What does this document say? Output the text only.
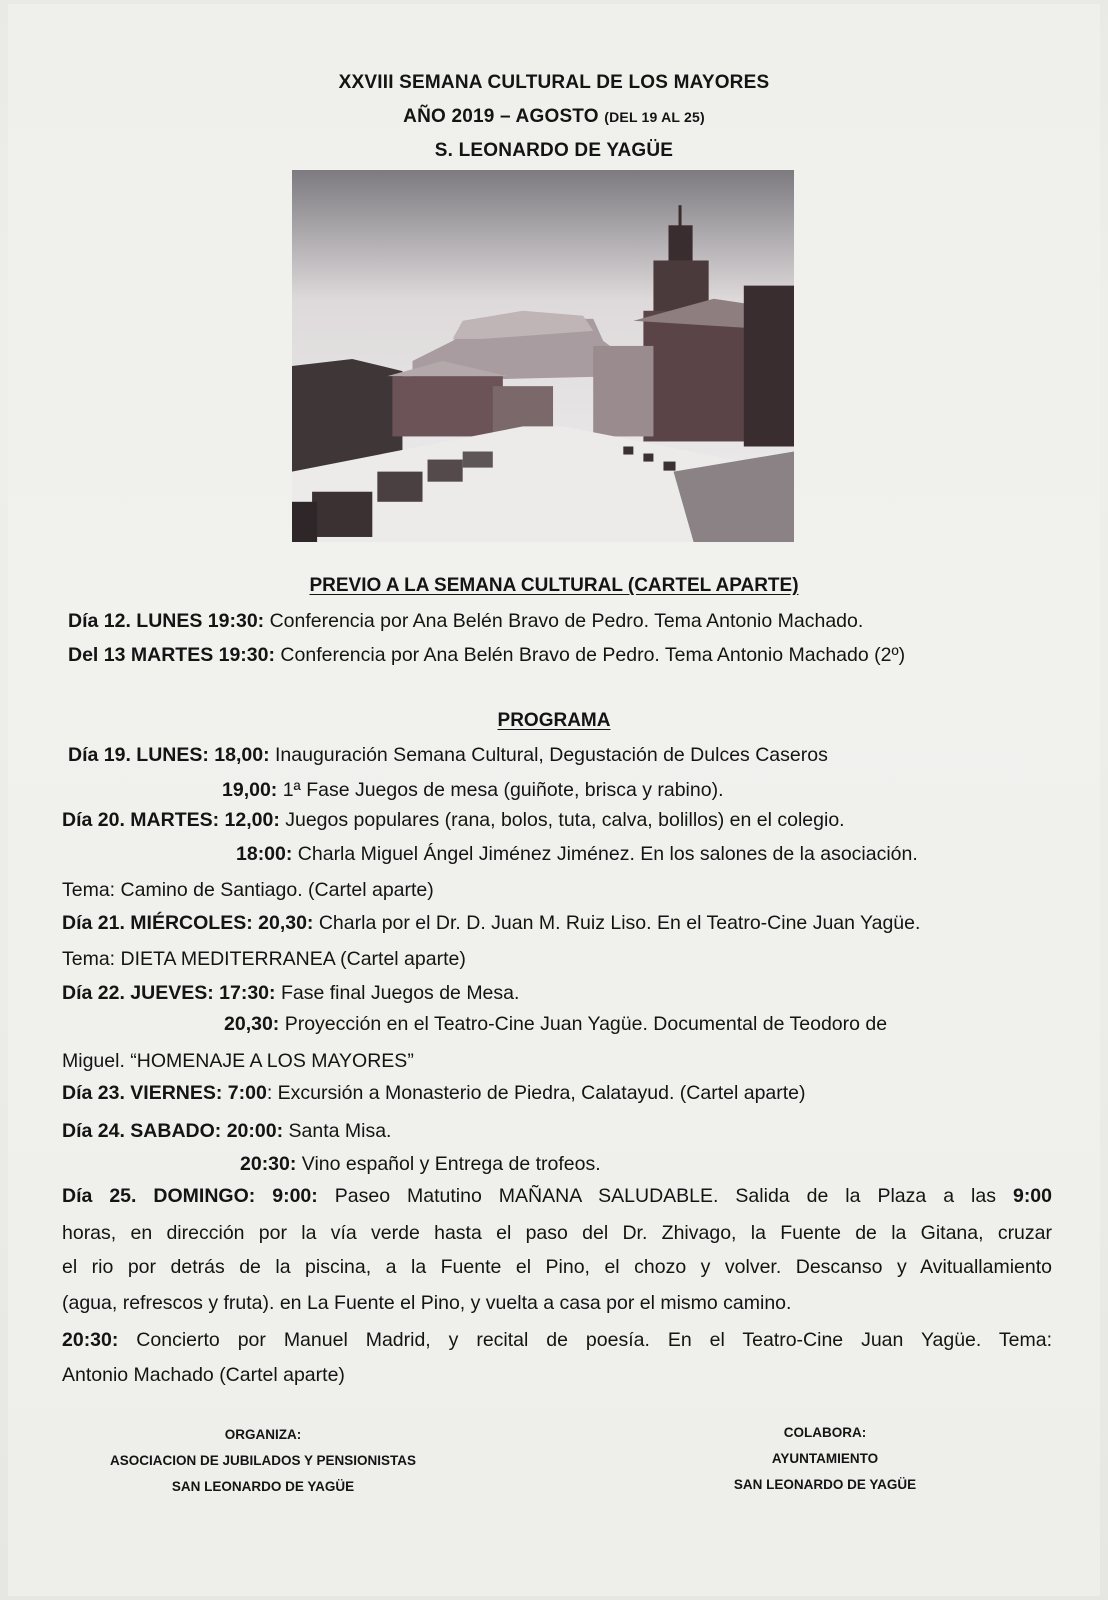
XXVIII SEMANA CULTURAL DE LOS MAYORES
AÑO 2019 – AGOSTO (DEL 19 AL 25)
S. LEONARDO DE YAGÜE
PREVIO A LA SEMANA CULTURAL (CARTEL APARTE)
Día 12. LUNES 19:30: Conferencia por Ana Belén Bravo de Pedro. Tema Antonio Machado.
Del 13 MARTES 19:30: Conferencia por Ana Belén Bravo de Pedro. Tema Antonio Machado (2º)
PROGRAMA
Día 19. LUNES: 18,00: Inauguración Semana Cultural, Degustación de Dulces Caseros
19,00: 1ª Fase Juegos de mesa (guiñote, brisca y rabino).
Día 20. MARTES: 12,00: Juegos populares (rana, bolos, tuta, calva, bolillos) en el colegio.
18:00: Charla Miguel Ángel Jiménez Jiménez. En los salones de la asociación.
Tema: Camino de Santiago. (Cartel aparte)
Día 21. MIÉRCOLES: 20,30: Charla por el Dr. D. Juan M. Ruiz Liso. En el Teatro-Cine Juan Yagüe.
Tema: DIETA MEDITERRANEA (Cartel aparte)
Día 22. JUEVES: 17:30: Fase final Juegos de Mesa.
20,30: Proyección en el Teatro-Cine Juan Yagüe. Documental de Teodoro de
Miguel. “HOMENAJE A LOS MAYORES”
Día 23. VIERNES: 7:00: Excursión a Monasterio de Piedra, Calatayud. (Cartel aparte)
Día 24. SABADO: 20:00: Santa Misa.
20:30: Vino español y Entrega de trofeos.
Día 25. DOMINGO: 9:00: Paseo Matutino MAÑANA SALUDABLE. Salida de la Plaza a las 9:00
horas, en dirección por la vía verde hasta el paso del Dr. Zhivago, la Fuente de la Gitana, cruzar
el rio por detrás de la piscina, a la Fuente el Pino, el chozo y volver. Descanso y Avituallamiento
(agua, refrescos y fruta). en La Fuente el Pino, y vuelta a casa por el mismo camino.
20:30: Concierto por Manuel Madrid, y recital de poesía. En el Teatro-Cine Juan Yagüe. Tema:
Antonio Machado (Cartel aparte)
ORGANIZA:
ASOCIACION DE JUBILADOS Y PENSIONISTAS
SAN LEONARDO DE YAGÜE
COLABORA:
AYUNTAMIENTO
SAN LEONARDO DE YAGÜE
